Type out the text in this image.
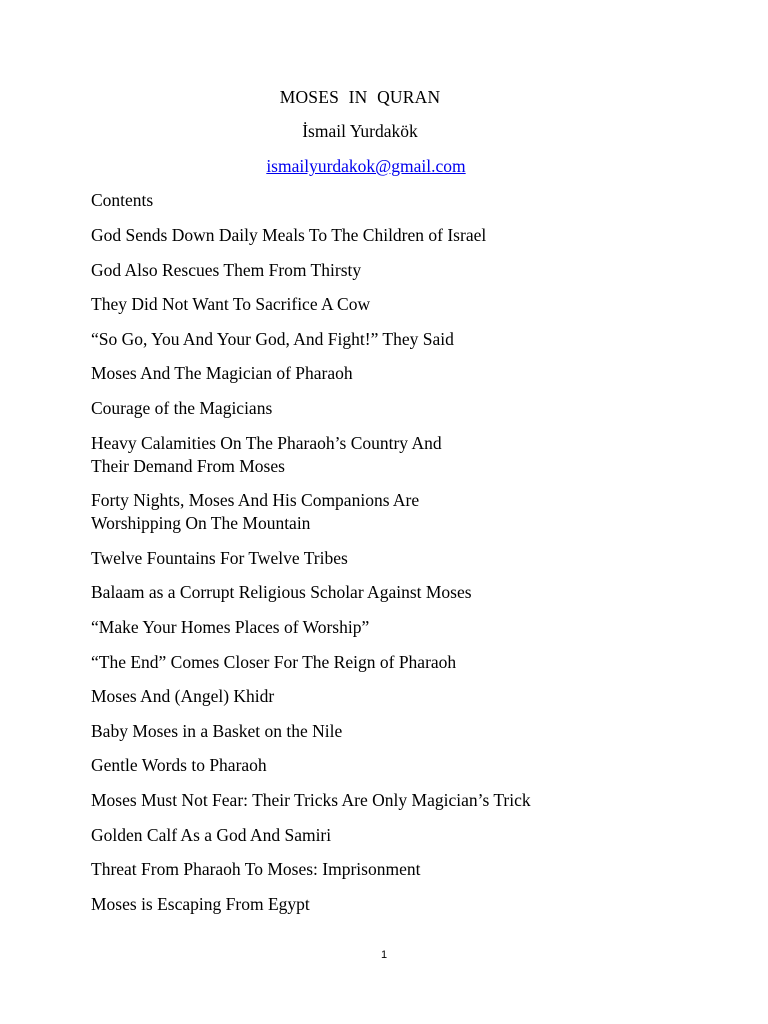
MOSES IN QURAN
İsmail Yurdakök
ismailyurdakok@gmail.com
Contents
God Sends Down Daily Meals To The Children of Israel
God Also Rescues Them From Thirsty
They Did Not Want To Sacrifice A Cow
“So Go, You And Your God, And Fight!” They Said
Moses And The Magician of Pharaoh
Courage of the Magicians
Heavy Calamities On The Pharaoh’s Country And
Their Demand From Moses
Forty Nights, Moses And His Companions Are
Worshipping On The Mountain
Twelve Fountains For Twelve Tribes
Balaam as a Corrupt Religious Scholar Against Moses
“Make Your Homes Places of Worship”
“The End” Comes Closer For The Reign of Pharaoh
Moses And (Angel) Khidr
Baby Moses in a Basket on the Nile
Gentle Words to Pharaoh
Moses Must Not Fear: Their Tricks Are Only Magician’s Trick
Golden Calf As a God And Samiri
Threat From Pharaoh To Moses: Imprisonment
Moses is Escaping From Egypt
1
